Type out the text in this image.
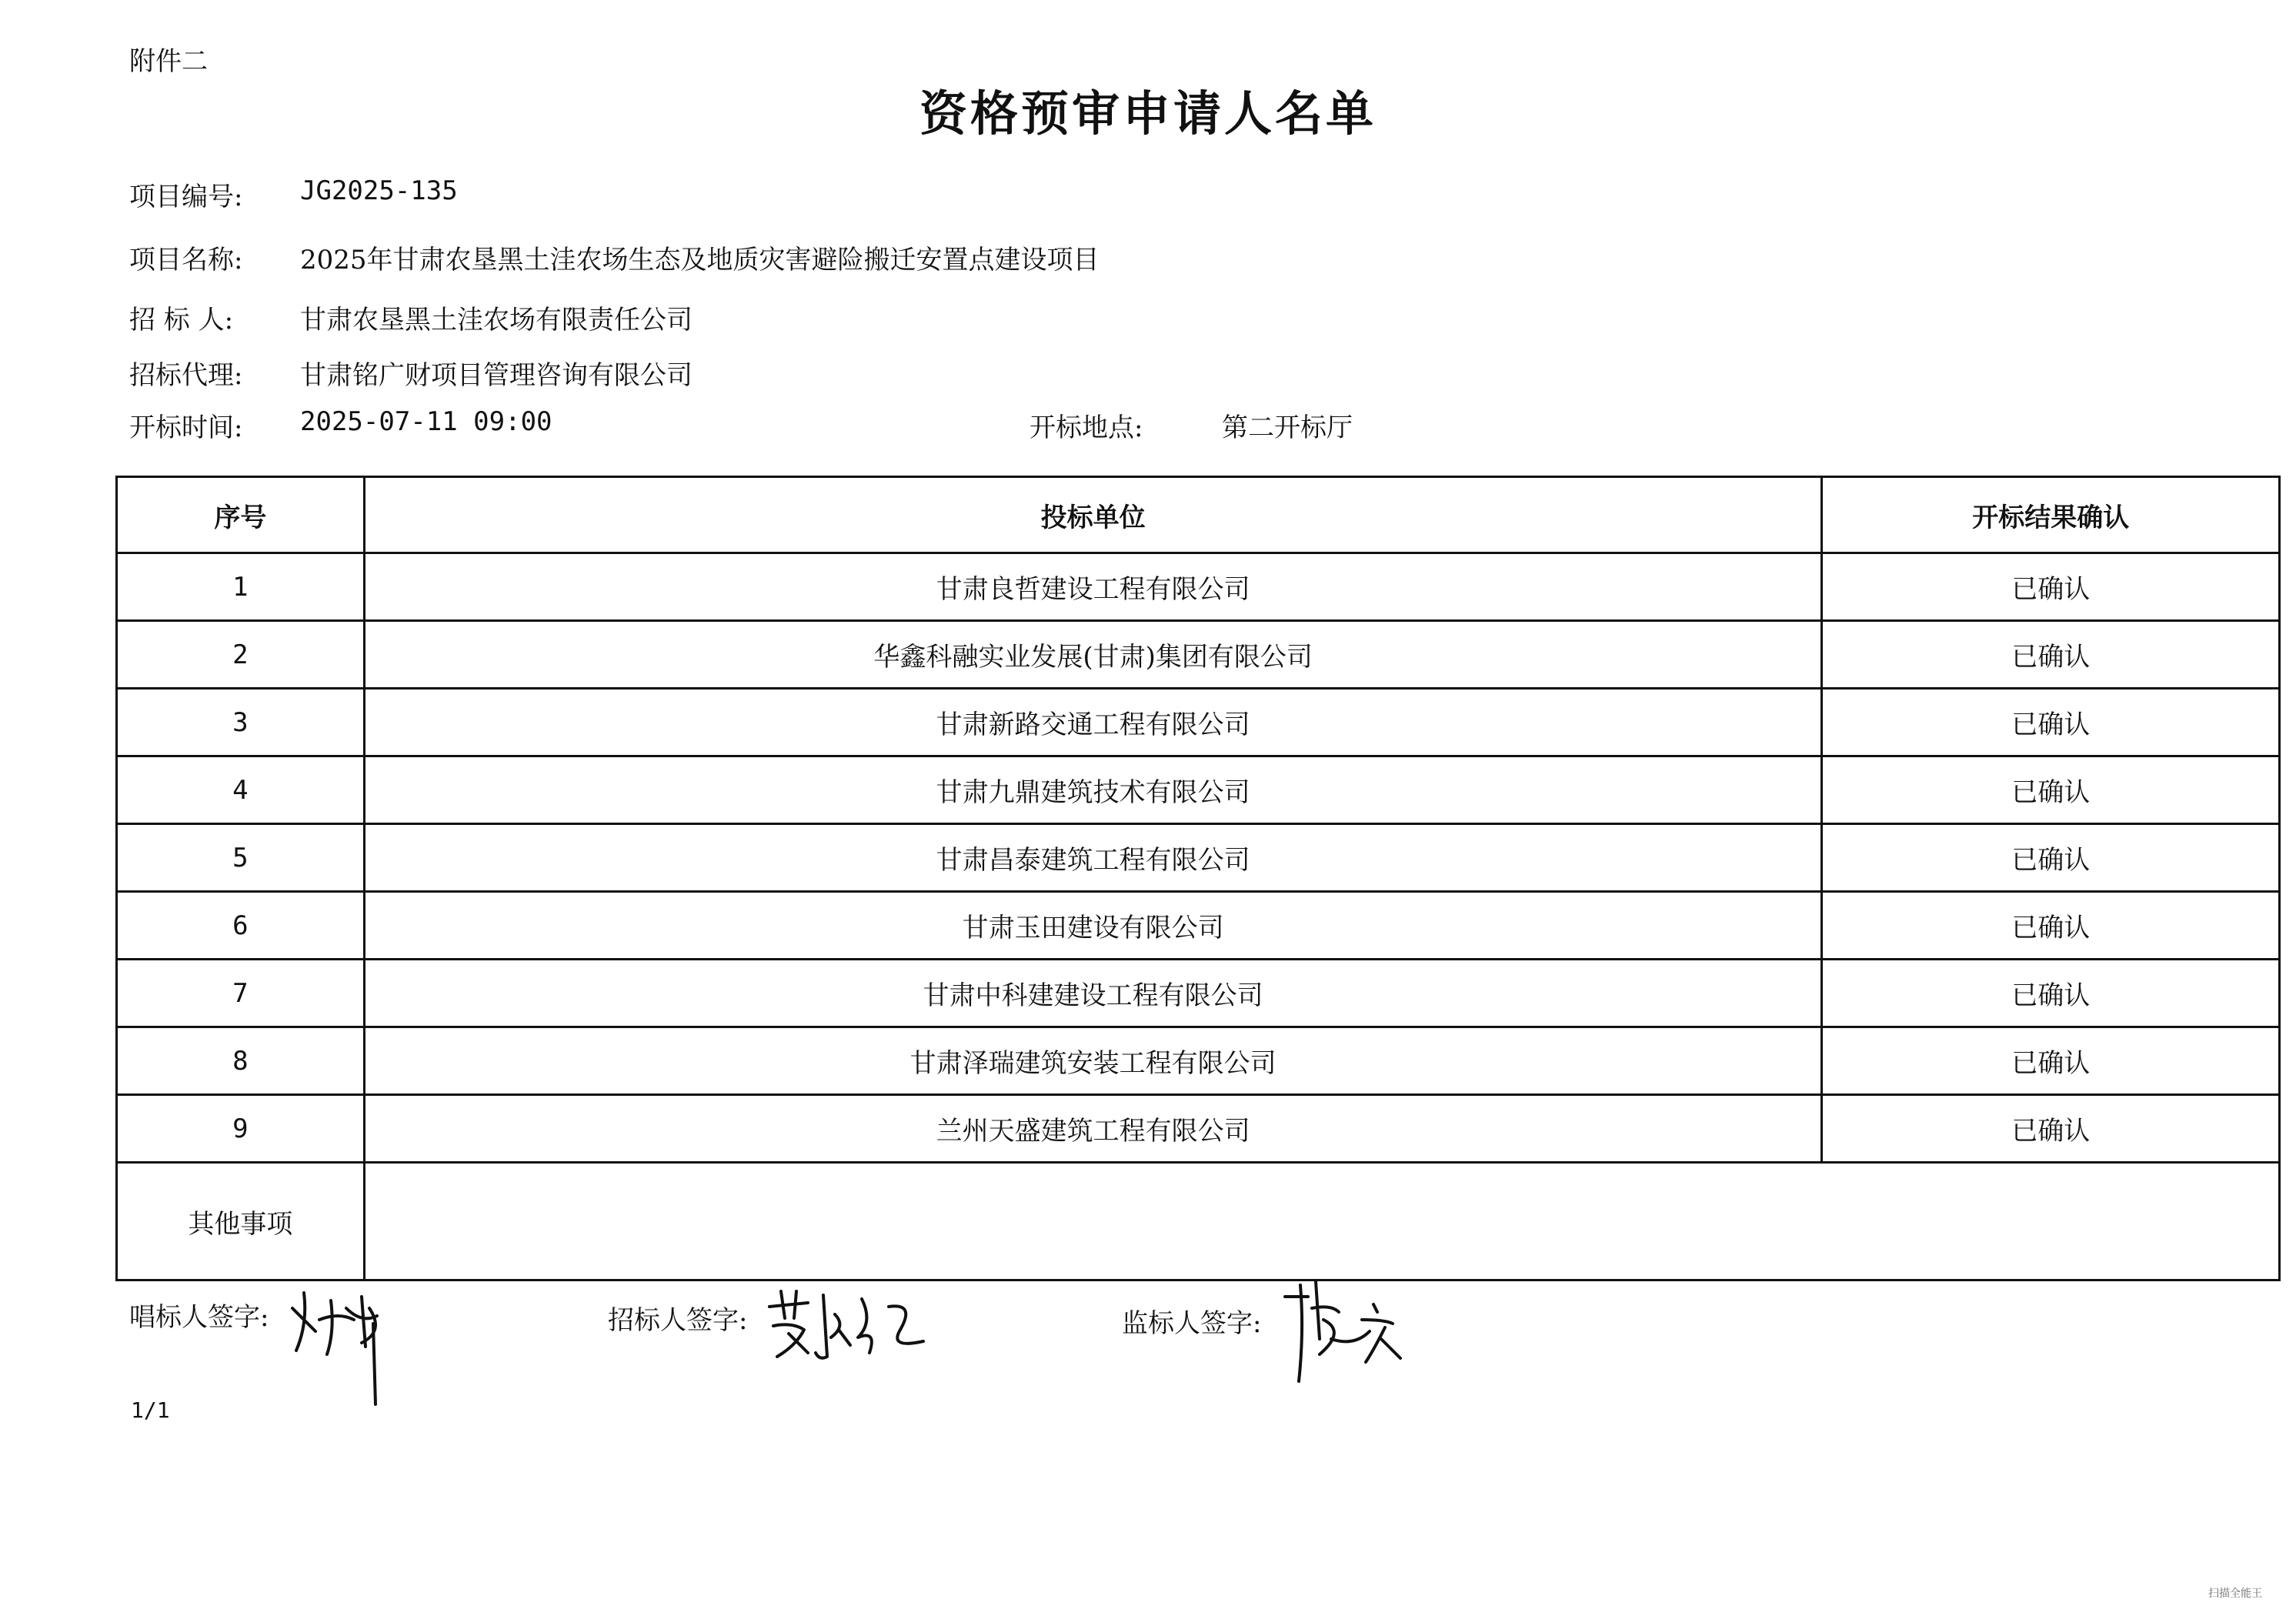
附件二
资格预审申请人名单
项目编号:	JG2025-135
项目名称:	2025年甘肃农垦黑土洼农场生态及地质灾害避险搬迁安置点建设项目
招 标 人:	甘肃农垦黑土洼农场有限责任公司
招标代理:	甘肃铭广财项目管理咨询有限公司
开标时间:	2025-07-11 09:00	开标地点:	第二开标厅
序号	投标单位	开标结果确认
1	甘肃良哲建设工程有限公司	已确认
2	华鑫科融实业发展(甘肃)集团有限公司	已确认
3	甘肃新路交通工程有限公司	已确认
4	甘肃九鼎建筑技术有限公司	已确认
5	甘肃昌泰建筑工程有限公司	已确认
6	甘肃玉田建设有限公司	已确认
7	甘肃中科建建设工程有限公司	已确认
8	甘肃泽瑞建筑安装工程有限公司	已确认
9	兰州天盛建筑工程有限公司	已确认
其他事项		
唱标人签字:	招标人签字:	监标人签字:
1/1
扫描全能王
